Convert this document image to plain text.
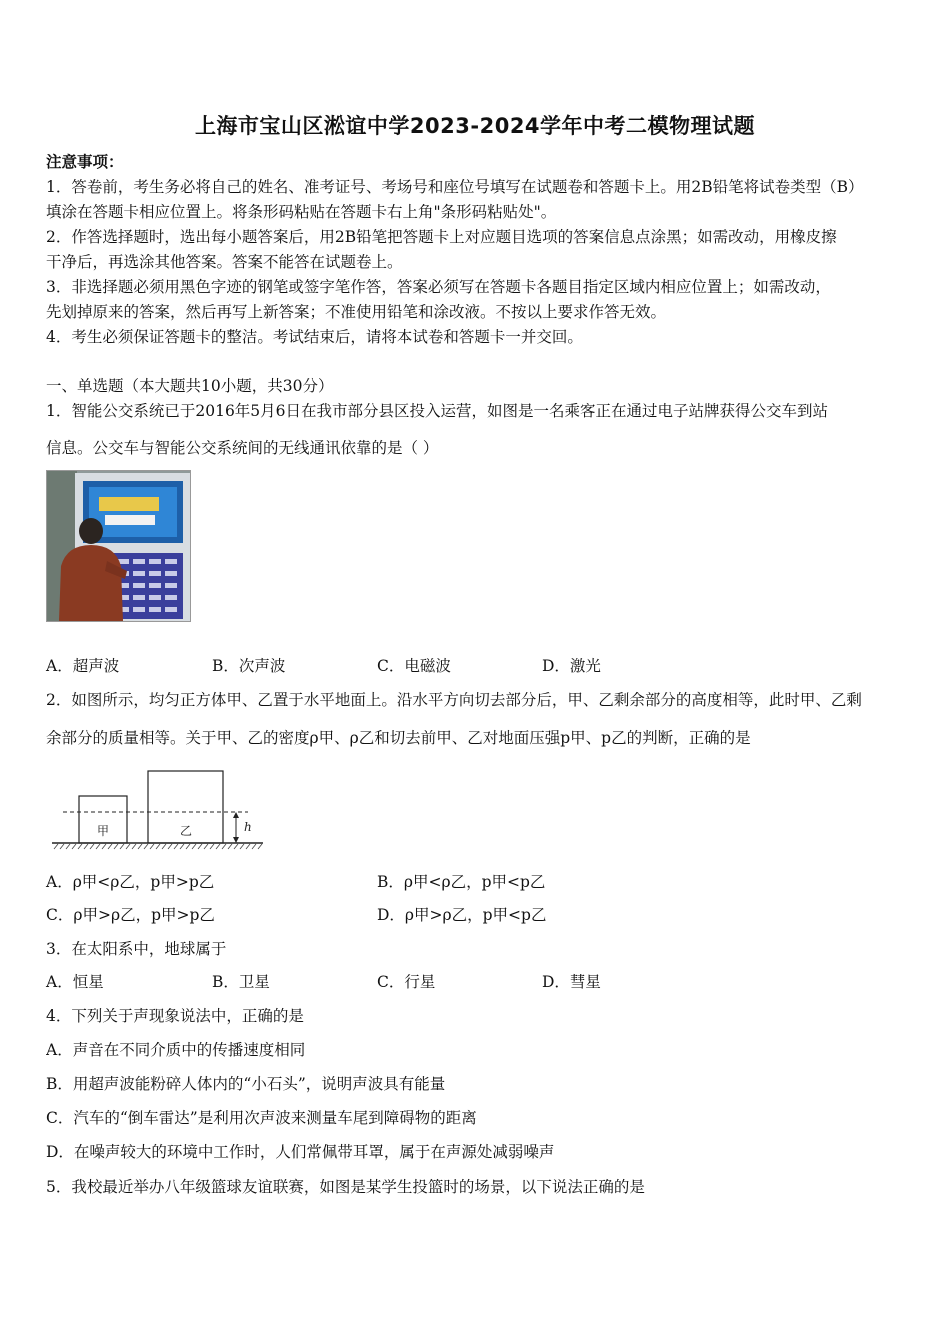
上海市宝山区淞谊中学2023-2024学年中考二模物理试题
注意事项：
1．答卷前，考生务必将自己的姓名、准考证号、考场号和座位号填写在试题卷和答题卡上。用2B铅笔将试卷类型（B）
填涂在答题卡相应位置上。将条形码粘贴在答题卡右上角"条形码粘贴处"。
2．作答选择题时，选出每小题答案后，用2B铅笔把答题卡上对应题目选项的答案信息点涂黑；如需改动，用橡皮擦
干净后，再选涂其他答案。答案不能答在试题卷上。
3．非选择题必须用黑色字迹的钢笔或签字笔作答，答案必须写在答题卡各题目指定区域内相应位置上；如需改动，
先划掉原来的答案，然后再写上新答案；不准使用铅笔和涂改液。不按以上要求作答无效。
4．考生必须保证答题卡的整洁。考试结束后，请将本试卷和答题卡一并交回。
一、单选题（本大题共10小题，共30分）
1．智能公交系统已于2016年5月6日在我市部分县区投入运营，如图是一名乘客正在通过电子站牌获得公交车到站
信息。公交车与智能公交系统间的无线通讯依靠的是（ ）
A．超声波	B．次声波	C．电磁波	D．激光
2．如图所示，均匀正方体甲、乙置于水平地面上。沿水平方向切去部分后，甲、乙剩余部分的高度相等，此时甲、乙剩
余部分的质量相等。关于甲、乙的密度ρ甲、ρ乙和切去前甲、乙对地面压强p甲、p乙的判断，正确的是
甲	乙	h
A．ρ甲<ρ乙，p甲>p乙	B．ρ甲<ρ乙，p甲<p乙
C．ρ甲>ρ乙，p甲>p乙	D．ρ甲>ρ乙，p甲<p乙
3．在太阳系中，地球属于
A．恒星	B．卫星	C．行星	D．彗星
4．下列关于声现象说法中，正确的是
A．声音在不同介质中的传播速度相同
B．用超声波能粉碎人体内的“小石头”，说明声波具有能量
C．汽车的“倒车雷达”是利用次声波来测量车尾到障碍物的距离
D．在噪声较大的环境中工作时，人们常佩带耳罩，属于在声源处减弱噪声
5．我校最近举办八年级篮球友谊联赛，如图是某学生投篮时的场景，以下说法正确的是
